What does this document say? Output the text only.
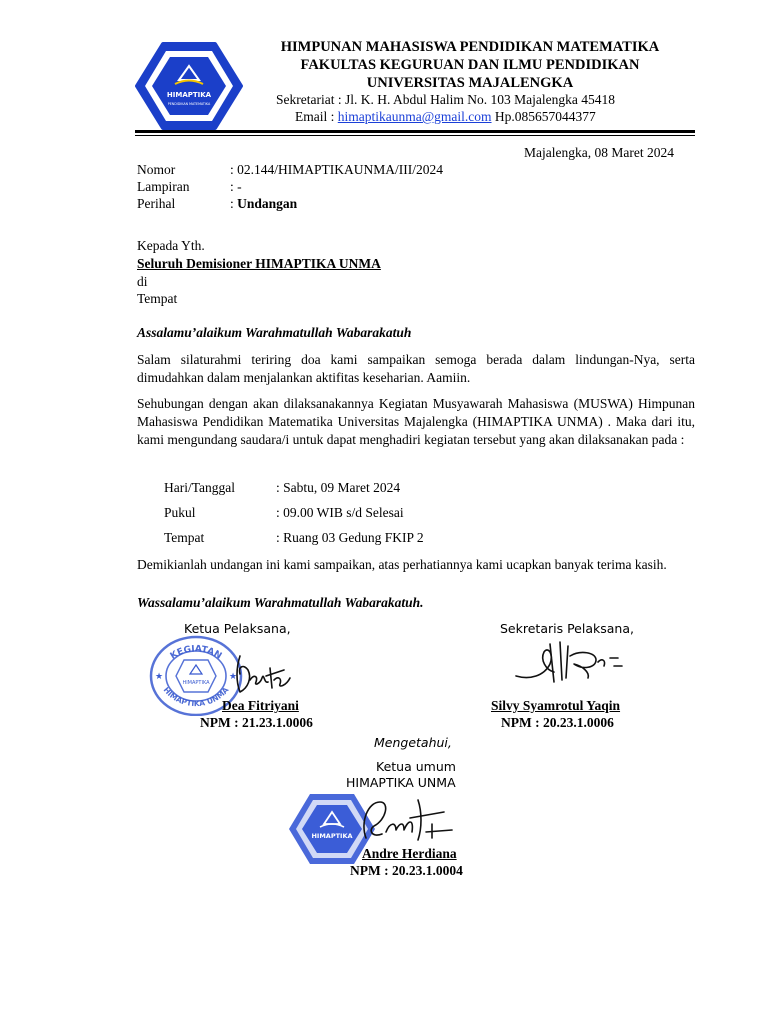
HIMAPTIKA
PENDIDIKAN MATEMATIKA
HIMPUNAN MAHASISWA PENDIDIKAN MATEMATIKA
FAKULTAS KEGURUAN DAN ILMU PENDIDIKAN
UNIVERSITAS MAJALENGKA
Sekretariat : Jl. K. H. Abdul Halim No. 103 Majalengka 45418
Email : himaptikaunma@gmail.com Hp.085657044377
Majalengka, 08 Maret 2024
Nomor	: 02.144/HIMAPTIKAUNMA/III/2024
Lampiran	: -
Perihal	: Undangan
Kepada Yth.
Seluruh Demisioner HIMAPTIKA UNMA
di
Tempat
Assalamu’alaikum Warahmatullah Wabarakatuh
Salam silaturahmi teriring doa kami sampaikan semoga berada dalam lindungan-Nya, serta dimudahkan dalam menjalankan aktifitas keseharian. Aamiin.
Sehubungan dengan akan dilaksanakannya Kegiatan Musyawarah Mahasiswa (MUSWA) Himpunan Mahasiswa Pendidikan Matematika Universitas Majalengka (HIMAPTIKA UNMA) . Maka dari itu, kami mengundang saudara/i untuk dapat menghadiri kegiatan tersebut yang akan dilaksanakan pada :
Hari/Tanggal	: Sabtu, 09 Maret 2024
Pukul	: 09.00 WIB s/d Selesai
Tempat	: Ruang 03 Gedung FKIP 2
Demikianlah undangan ini kami sampaikan, atas perhatiannya kami ucapkan banyak terima kasih.
Wassalamu’alaikum Warahmatullah Wabarakatuh.
Ketua Pelaksana,	Sekretaris Pelaksana,
KEGIATAN
HIMAPTIKA UNMA
HIMAPTIKA
★	★
Dea Fitriyani
NPM : 21.23.1.0006
Silvy Syamrotul Yaqin
NPM : 20.23.1.0006
Mengetahui,
Ketua umum
HIMAPTIKA UNMA
HIMAPTIKA
Andre Herdiana
NPM : 20.23.1.0004
